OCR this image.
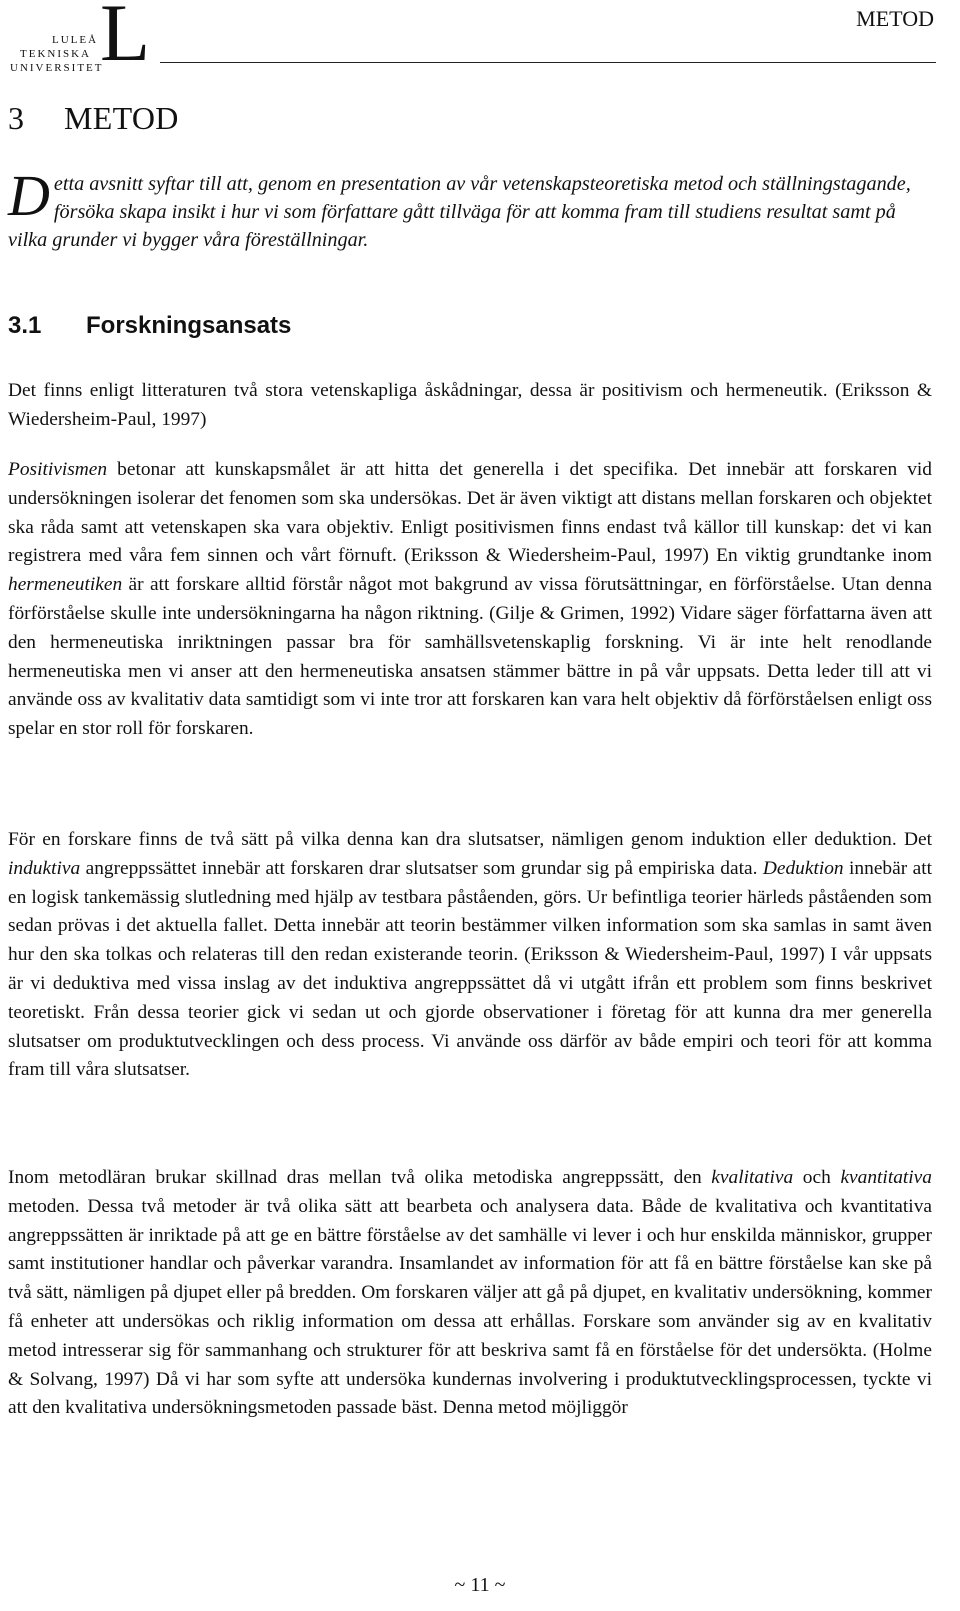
L
LULEÅ
TEKNISKA
UNIVERSITET
METOD
3 METOD
Detta avsnitt syftar till att, genom en presentation av vår vetenskapsteoretiska metod och ställningstagande, försöka skapa insikt i hur vi som författare gått tillväga för att komma fram till studiens resultat samt på vilka grunder vi bygger våra föreställningar.
3.1 Forskningsansats
Det finns enligt litteraturen två stora vetenskapliga åskådningar, dessa är positivism och hermeneutik. (Eriksson & Wiedersheim-Paul, 1997)
Positivismen betonar att kunskapsmålet är att hitta det generella i det specifika. Det innebär att forskaren vid undersökningen isolerar det fenomen som ska undersökas. Det är även viktigt att distans mellan forskaren och objektet ska råda samt att vetenskapen ska vara objektiv. Enligt positivismen finns endast två källor till kunskap: det vi kan registrera med våra fem sinnen och vårt förnuft. (Eriksson & Wiedersheim-Paul, 1997) En viktig grundtanke inom hermeneutiken är att forskare alltid förstår något mot bakgrund av vissa förutsättningar, en förförståelse. Utan denna förförståelse skulle inte undersökningarna ha någon riktning. (Gilje & Grimen, 1992) Vidare säger författarna även att den hermeneutiska inriktningen passar bra för samhällsvetenskaplig forskning. Vi är inte helt renodlande hermeneutiska men vi anser att den hermeneutiska ansatsen stämmer bättre in på vår uppsats. Detta leder till att vi använde oss av kvalitativ data samtidigt som vi inte tror att forskaren kan vara helt objektiv då förförståelsen enligt oss spelar en stor roll för forskaren.
För en forskare finns de två sätt på vilka denna kan dra slutsatser, nämligen genom induktion eller deduktion. Det induktiva angreppssättet innebär att forskaren drar slutsatser som grundar sig på empiriska data. Deduktion innebär att en logisk tankemässig slutledning med hjälp av testbara påståenden, görs. Ur befintliga teorier härleds påståenden som sedan prövas i det aktuella fallet. Detta innebär att teorin bestämmer vilken information som ska samlas in samt även hur den ska tolkas och relateras till den redan existerande teorin. (Eriksson & Wiedersheim-Paul, 1997) I vår uppsats är vi deduktiva med vissa inslag av det induktiva angreppssättet då vi utgått ifrån ett problem som finns beskrivet teoretiskt. Från dessa teorier gick vi sedan ut och gjorde observationer i företag för att kunna dra mer generella slutsatser om produktutvecklingen och dess process. Vi använde oss därför av både empiri och teori för att komma fram till våra slutsatser.
Inom metodläran brukar skillnad dras mellan två olika metodiska angreppssätt, den kvalitativa och kvantitativa metoden. Dessa två metoder är två olika sätt att bearbeta och analysera data. Både de kvalitativa och kvantitativa angreppssätten är inriktade på att ge en bättre förståelse av det samhälle vi lever i och hur enskilda människor, grupper samt institutioner handlar och påverkar varandra. Insamlandet av information för att få en bättre förståelse kan ske på två sätt, nämligen på djupet eller på bredden. Om forskaren väljer att gå på djupet, en kvalitativ undersökning, kommer få enheter att undersökas och riklig information om dessa att erhållas. Forskare som använder sig av en kvalitativ metod intresserar sig för sammanhang och strukturer för att beskriva samt få en förståelse för det undersökta. (Holme & Solvang, 1997) Då vi har som syfte att undersöka kundernas involvering i produktutvecklingsprocessen, tyckte vi att den kvalitativa undersökningsmetoden passade bäst. Denna metod möjliggör
~ 11 ~
